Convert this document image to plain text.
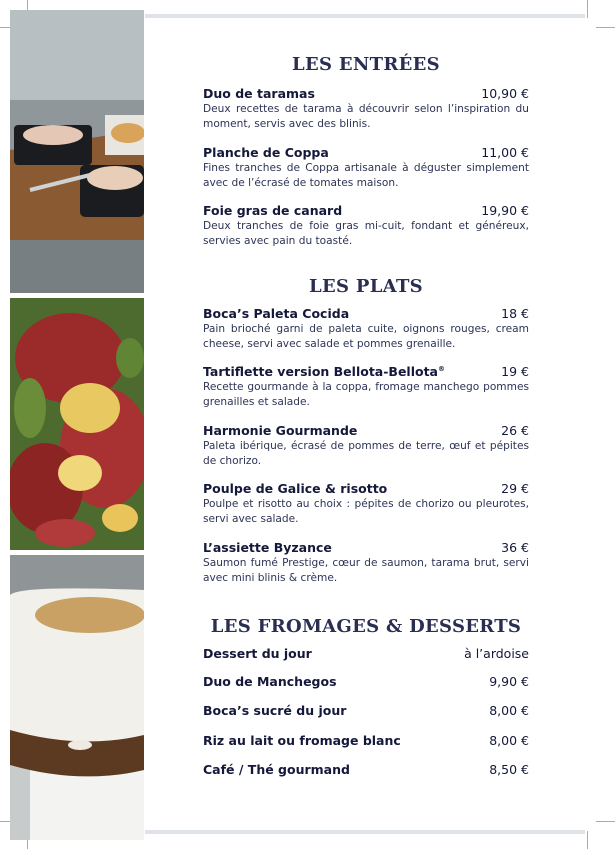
LES ENTRÉES
Duo de taramas	10,90 €
Deux recettes de tarama à découvrir selon l’inspiration du moment, servis avec des blinis.
Planche de Coppa	11,00 €
Fines tranches de Coppa artisanale à déguster simplement avec de l’écrasé de tomates maison.
Foie gras de canard	19,90 €
Deux tranches de foie gras mi-cuit, fondant et généreux, servies avec pain du toasté.
LES PLATS
Boca’s Paleta Cocida	18 €
Pain brioché garni de paleta cuite, oignons rouges, cream cheese, servi avec salade et pommes grenaille.
Tartiflette version Bellota-Bellota®	19 €
Recette gourmande à la coppa, fromage manchego pommes grenailles et salade.
Harmonie Gourmande	26 €
Paleta ibérique, écrasé de pommes de terre, œuf et pépites de chorizo.
Poulpe de Galice & risotto	29 €
Poulpe et risotto au choix : pépites de chorizo ou pleurotes, servi avec salade.
L’assiette Byzance	36 €
Saumon fumé Prestige, cœur de saumon, tarama brut, servi avec mini blinis & crème.
LES FROMAGES & DESSERTS
Dessert du jour	à l’ardoise
Duo de Manchegos	9,90 €
Boca’s sucré du jour	8,00 €
Riz au lait ou fromage blanc	8,00 €
Café / Thé gourmand	8,50 €
